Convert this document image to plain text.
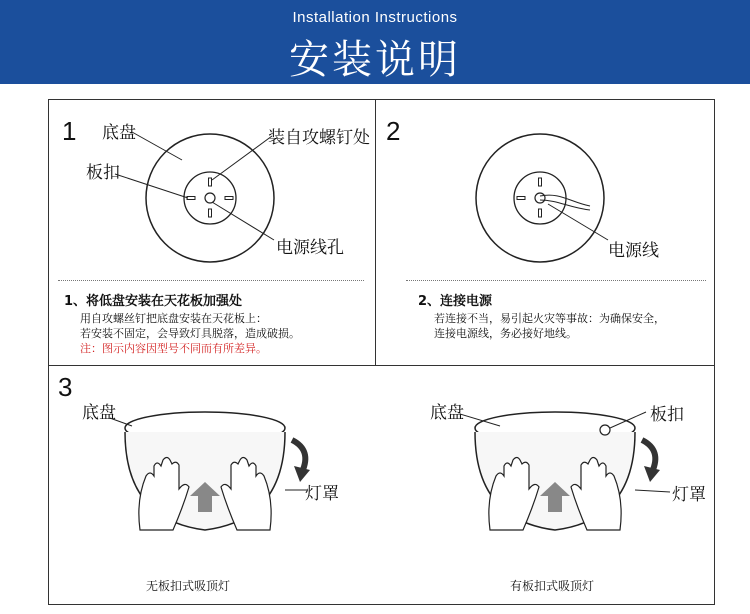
Installation Instructions
安装说明
1 底盘
板扣
装自攻螺钉处
电源线孔
1、将低盘安装在天花板加强处
用自攻螺丝钉把底盘安装在天花板上：
若安装不固定，会导致灯具脱落，造成破损。
注：图示内容因型号不同而有所差异。
2
电源线
2、连接电源
若连接不当，易引起火灾等事故：为确保安全，
连接电源线，务必接好地线。
3
底盘
灯罩
无板扣式吸顶灯
底盘	板扣
灯罩
有板扣式吸顶灯
